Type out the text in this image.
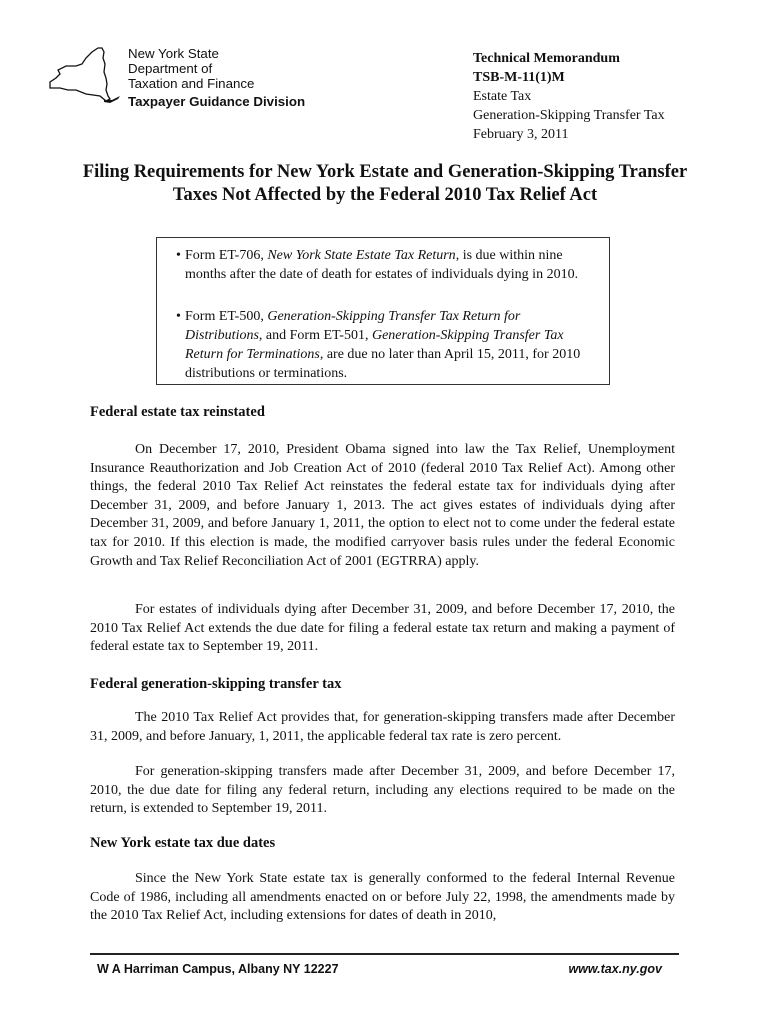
New York State
Department of
Taxation and Finance
Taxpayer Guidance Division
Technical Memorandum
TSB-M-11(1)M
Estate Tax
Generation-Skipping Transfer Tax
February 3, 2011
Filing Requirements for New York Estate and Generation-Skipping Transfer
Taxes Not Affected by the Federal 2010 Tax Relief Act
• Form ET-706, New York State Estate Tax Return, is due within nine months after the date of death for estates of individuals dying in 2010.
• Form ET-500, Generation-Skipping Transfer Tax Return for Distributions, and Form ET-501, Generation-Skipping Transfer Tax Return for Terminations, are due no later than April 15, 2011, for 2010 distributions or terminations.
Federal estate tax reinstated
On December 17, 2010, President Obama signed into law the Tax Relief, Unemployment Insurance Reauthorization and Job Creation Act of 2010 (federal 2010 Tax Relief Act). Among other things, the federal 2010 Tax Relief Act reinstates the federal estate tax for individuals dying after December 31, 2009, and before January 1, 2013. The act gives estates of individuals dying after December 31, 2009, and before January 1, 2011, the option to elect not to come under the federal estate tax for 2010. If this election is made, the modified carryover basis rules under the federal Economic Growth and Tax Relief Reconciliation Act of 2001 (EGTRRA) apply.
For estates of individuals dying after December 31, 2009, and before December 17, 2010, the 2010 Tax Relief Act extends the due date for filing a federal estate tax return and making a payment of federal estate tax to September 19, 2011.
Federal generation-skipping transfer tax
The 2010 Tax Relief Act provides that, for generation-skipping transfers made after December 31, 2009, and before January, 1, 2011, the applicable federal tax rate is zero percent.
For generation-skipping transfers made after December 31, 2009, and before December 17, 2010, the due date for filing any federal return, including any elections required to be made on the return, is extended to September 19, 2011.
New York estate tax due dates
Since the New York State estate tax is generally conformed to the federal Internal Revenue Code of 1986, including all amendments enacted on or before July 22, 1998, the amendments made by the 2010 Tax Relief Act, including extensions for dates of death in 2010,
W A Harriman Campus, Albany NY 12227	www.tax.ny.gov
